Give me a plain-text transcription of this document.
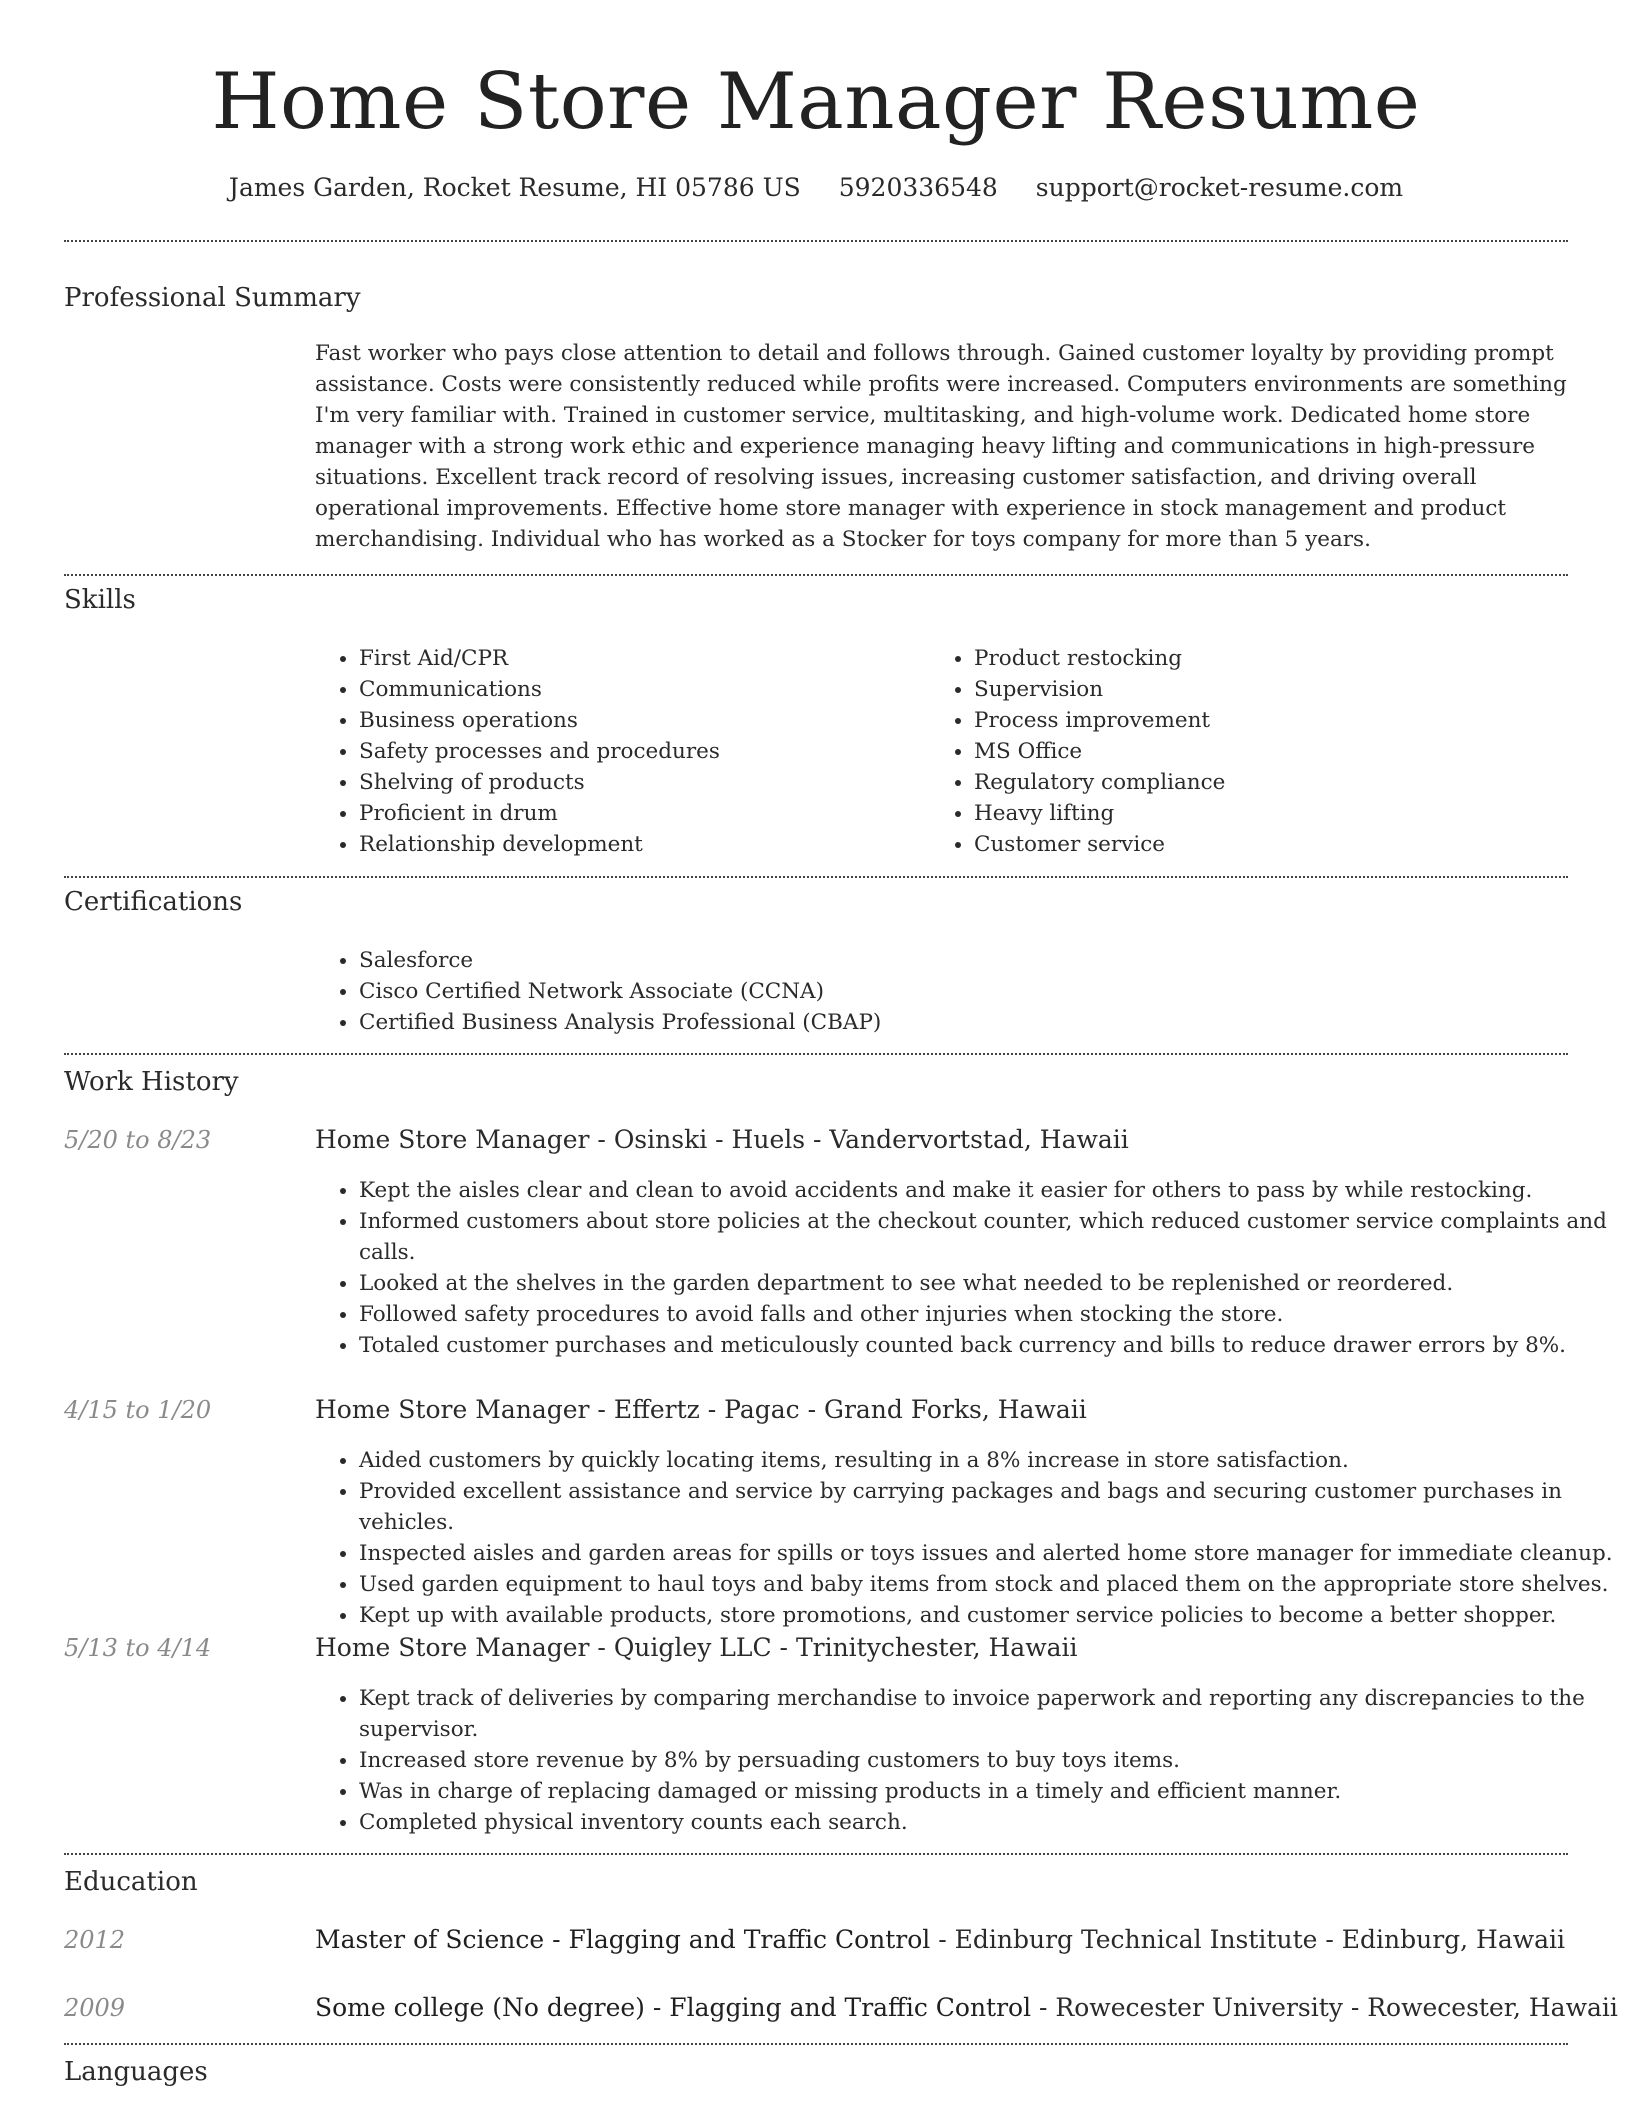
Home Store Manager Resume
James Garden, Rocket Resume, HI 05786 US 5920336548 support@rocket-resume.com
Professional Summary

Fast worker who pays close attention to detail and follows through. Gained customer loyalty by providing prompt assistance. Costs were consistently reduced while profits were increased. Computers environments are something I'm very familiar with. Trained in customer service, multitasking, and high-volume work. Dedicated home store manager with a strong work ethic and experience managing heavy lifting and communications in high-pressure situations. Excellent track record of resolving issues, increasing customer satisfaction, and driving overall operational improvements. Effective home store manager with experience in stock management and product merchandising. Individual who has worked as a Stocker for toys company for more than 5 years.

Skills
• First Aid/CPR
• Communications
• Business operations
• Safety processes and procedures
• Shelving of products
• Proficient in drum
• Relationship development
• Product restocking
• Supervision
• Process improvement
• MS Office
• Regulatory compliance
• Heavy lifting
• Customer service
Certifications
• Salesforce
• Cisco Certified Network Associate (CCNA)
• Certified Business Analysis Professional (CBAP)
Work History
5/20 to 8/23	Home Store Manager - Osinski - Huels - Vandervortstad, Hawaii
• Kept the aisles clear and clean to avoid accidents and make it easier for others to pass by while restocking.
• Informed customers about store policies at the checkout counter, which reduced customer service complaints and calls.
• Looked at the shelves in the garden department to see what needed to be replenished or reordered.
• Followed safety procedures to avoid falls and other injuries when stocking the store.
• Totaled customer purchases and meticulously counted back currency and bills to reduce drawer errors by 8%.
4/15 to 1/20	Home Store Manager - Effertz - Pagac - Grand Forks, Hawaii
• Aided customers by quickly locating items, resulting in a 8% increase in store satisfaction.
• Provided excellent assistance and service by carrying packages and bags and securing customer purchases in vehicles.
• Inspected aisles and garden areas for spills or toys issues and alerted home store manager for immediate cleanup.
• Used garden equipment to haul toys and baby items from stock and placed them on the appropriate store shelves.
• Kept up with available products, store promotions, and customer service policies to become a better shopper.
5/13 to 4/14	Home Store Manager - Quigley LLC - Trinitychester, Hawaii
• Kept track of deliveries by comparing merchandise to invoice paperwork and reporting any discrepancies to the supervisor.
• Increased store revenue by 8% by persuading customers to buy toys items.
• Was in charge of replacing damaged or missing products in a timely and efficient manner.
• Completed physical inventory counts each search.
Education
2012	Master of Science - Flagging and Traffic Control - Edinburg Technical Institute - Edinburg, Hawaii
2009	Some college (No degree) - Flagging and Traffic Control - Rowecester University - Rowecester, Hawaii
Languages
